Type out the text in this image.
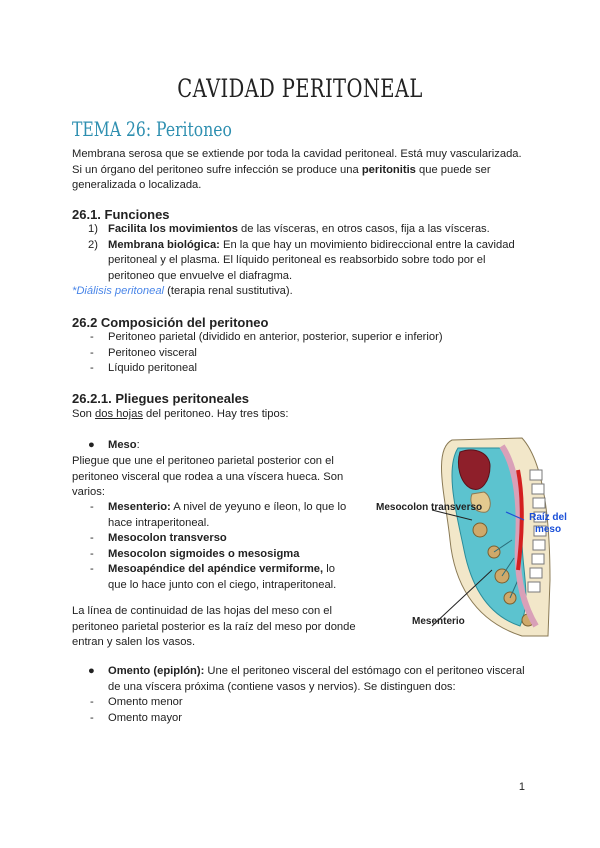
CAVIDAD PERITONEAL
TEMA 26: Peritoneo
Membrana serosa que se extiende por toda la cavidad peritoneal. Está muy vascularizada.
Si un órgano del peritoneo sufre infección se produce una peritonitis que puede ser
generalizada o localizada.
26.1. Funciones
1) Facilita los movimientos de las vísceras, en otros casos, fija a las vísceras.
2) Membrana biológica: En la que hay un movimiento bidireccional entre la cavidad peritoneal y el plasma. El líquido peritoneal es reabsorbido sobre todo por el peritoneo que envuelve el diafragma.
*Diálisis peritoneal (terapia renal sustitutiva).
26.2 Composición del peritoneo
- Peritoneo parietal (dividido en anterior, posterior, superior e inferior)
- Peritoneo visceral
- Líquido peritoneal
26.2.1. Pliegues peritoneales
Son dos hojas del peritoneo. Hay tres tipos:
● Meso:
Pliegue que une el peritoneo parietal posterior con el peritoneo visceral que rodea a una víscera hueca. Son varios:
- Mesenterio: A nivel de yeyuno e íleon, lo que lo hace intraperitoneal.
- Mesocolon transverso
- Mesocolon sigmoides o mesosigma
- Mesoapéndice del apéndice vermiforme, lo que lo hace junto con el ciego, intraperitoneal.
La línea de continuidad de las hojas del meso con el peritoneo parietal posterior es la raíz del meso por donde entran y salen los vasos.
●	Omento (epiplón): Une el peritoneo visceral del estómago con el peritoneo visceral de una víscera próxima (contiene vasos y nervios). Se distinguen dos:
- Omento menor
- Omento mayor
Mesocolon transverso
Mesenterio
Raíz del meso
1
